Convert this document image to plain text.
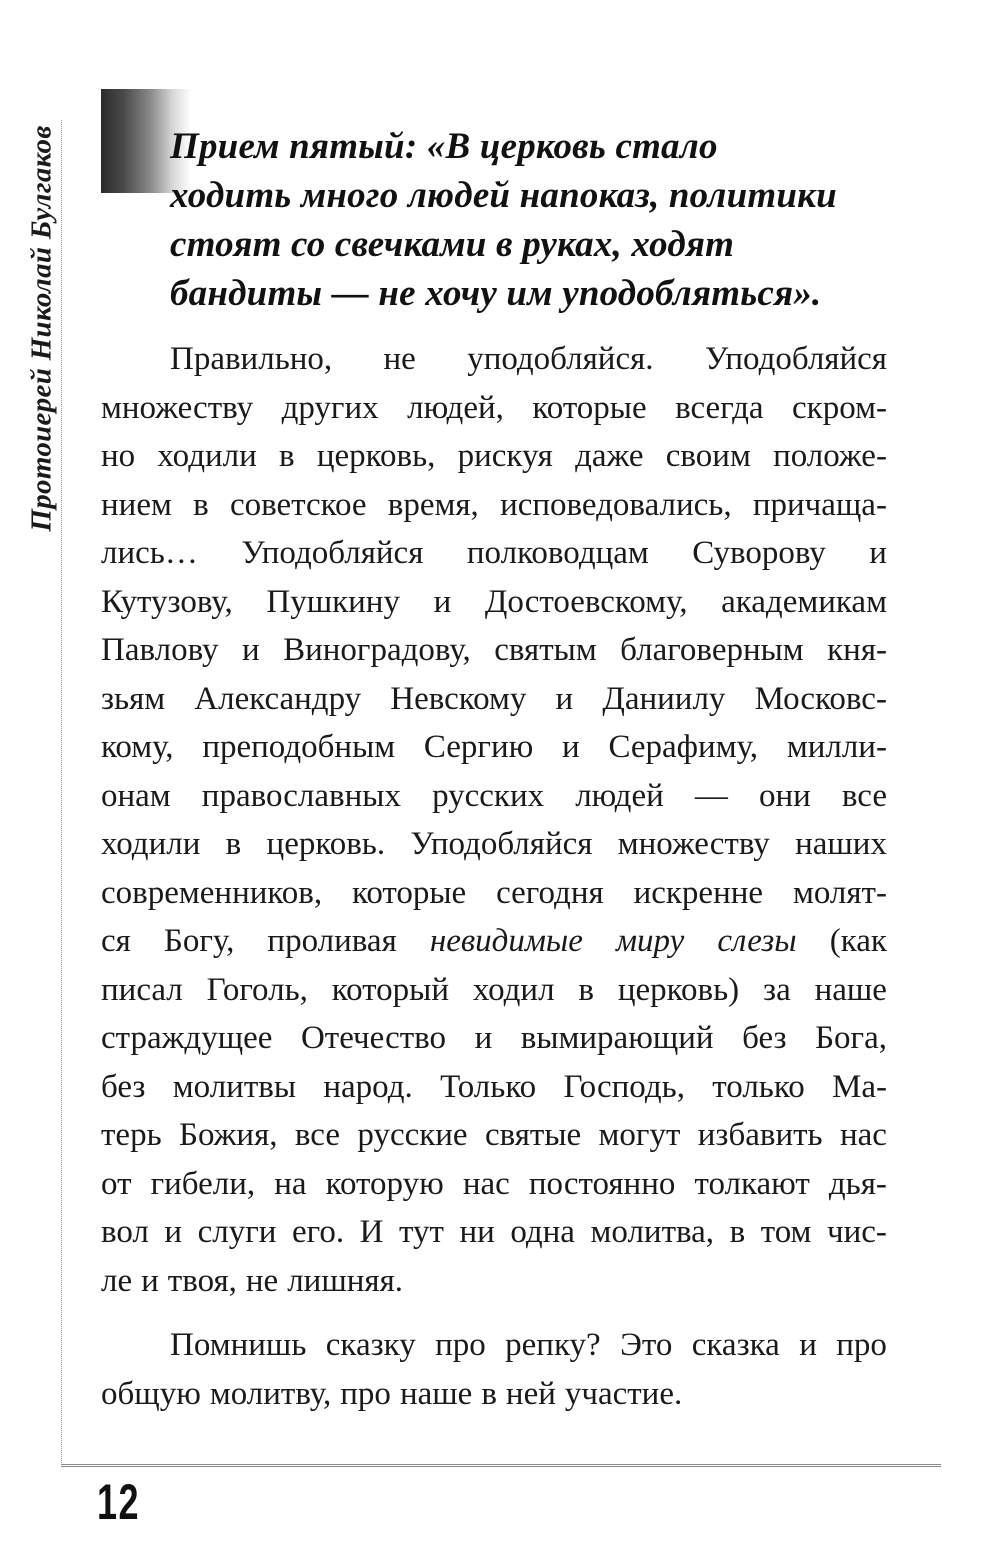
Протоиерей Николай Булгаков	Прием пятый: «В церковь стало
ходить много людей напоказ, политики
стоят со свечками в руках, ходят
бандиты — не хочу им уподобляться».
Правильно, не уподобляйся. Уподобляйся
множеству других людей, которые всегда скром-
но ходили в церковь, рискуя даже своим положе-
нием в советское время, исповедовались, причаща-
лись… Уподобляйся полководцам Суворову и
Кутузову, Пушкину и Достоевскому, академикам
Павлову и Виноградову, святым благоверным кня-
зьям Александру Невскому и Даниилу Московс-
кому, преподобным Сергию и Серафиму, милли-
онам православных русских людей — они все
ходили в церковь. Уподобляйся множеству наших
современников, которые сегодня искренне молят-
ся Богу, проливая невидимые миру слезы (как
писал Гоголь, который ходил в церковь) за наше
страждущее Отечество и вымирающий без Бога,
без молитвы народ. Только Господь, только Ма-
терь Божия, все русские святые могут избавить нас
от гибели, на которую нас постоянно толкают дья-
вол и слуги его. И тут ни одна молитва, в том чис-
ле и твоя, не лишняя.
Помнишь сказку про репку? Это сказка и про
общую молитву, про наше в ней участие.
12
